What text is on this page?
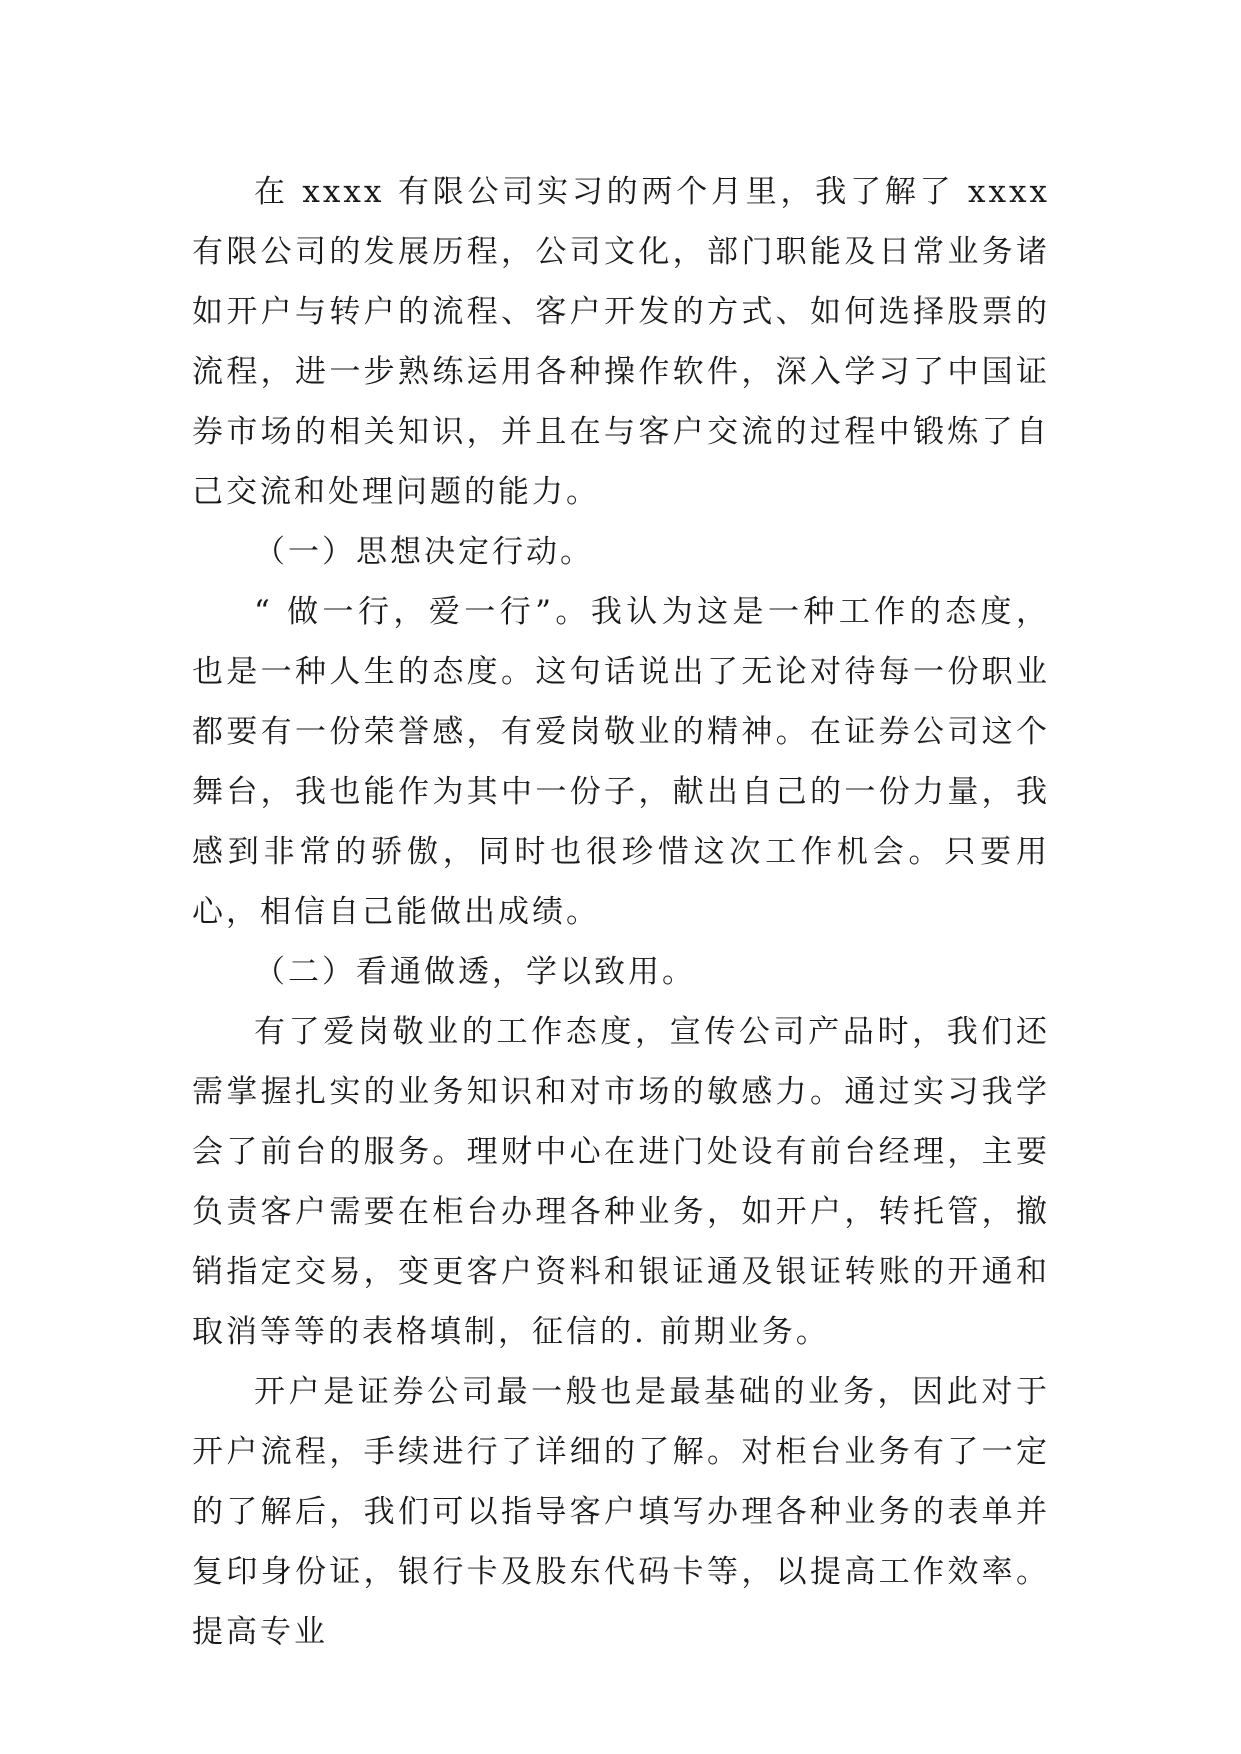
在 xxxx 有限公司实习的两个月里，我了解了 xxxx 有限公司的发展历程，公司文化，部门职能及日常业务诸如开户与转户的流程、客户开发的方式、如何选择股票的流程，进一步熟练运用各种操作软件，深入学习了中国证券市场的相关知识，并且在与客户交流的过程中锻炼了自己交流和处理问题的能力。

（一）思想决定行动。

“ 做一行，爱一行”。我认为这是一种工作的态度，也是一种人生的态度。这句话说出了无论对待每一份职业都要有一份荣誉感，有爱岗敬业的精神。在证券公司这个舞台，我也能作为其中一份子，献出自己的一份力量，我感到非常的骄傲，同时也很珍惜这次工作机会。只要用心，相信自己能做出成绩。

（二）看通做透，学以致用。

有了爱岗敬业的工作态度，宣传公司产品时，我们还需掌握扎实的业务知识和对市场的敏感力。通过实习我学会了前台的服务。理财中心在进门处设有前台经理，主要负责客户需要在柜台办理各种业务，如开户，转托管，撤销指定交易，变更客户资料和银证通及银证转账的开通和取消等等的表格填制，征信的. 前期业务。

开户是证券公司最一般也是最基础的业务，因此对于开户流程，手续进行了详细的了解。对柜台业务有了一定的了解后，我们可以指导客户填写办理各种业务的表单并复印身份证，银行卡及股东代码卡等，以提高工作效率。提高专业
